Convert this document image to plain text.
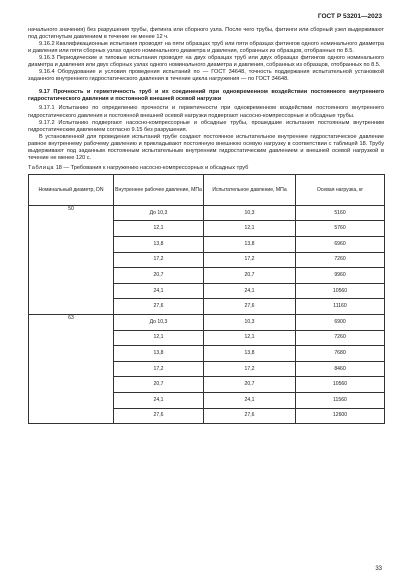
ГОСТ Р 53201—2023

начального значения) без разрушения трубы, фитинга или сборного узла. После чего трубы, фитинги или сборный узел выдерживают под достигнутым давлением в течение не менее 12 ч.

9.16.2 Квалификационные испытания проводят на пяти образцах труб или пяти образцах фитингов одного номинального диаметра и давления или пяти сборных узлах одного номинального диаметра и давления, собранных из образцов, отобранных по 8.5.

9.16.3 Периодические и типовые испытания проводят на двух образцах труб или двух образцах фитингов одного номинального диаметра и давления или двух сборных узлах одного номинального диаметра и давления, собранных из образцов, отобранных по 8.5.

9.16.4 Оборудование и условия проведения испытаний по — ГОСТ 34648, точность поддержания испытательной установкой заданного внутреннего гидростатического давления в течение цикла нагружения — по ГОСТ 34648.

9.17 Прочность и герметичность труб и их соединений при одновременном воздействии постоянного внутреннего гидростатического давления и постоянной внешней осевой нагрузки

9.17.1 Испытанию по определению прочности и герметичности при одновременном воздействии постоянного внутреннего гидростатического давления и постоянной внешней осевой нагрузки подвергают насосно-компрессорные и обсадные трубы.

9.17.2 Испытанию подвергают насосно-компрессорные и обсадные трубы, прошедшие испытания постоянным внутренним гидростатическим давлением согласно 9.15 без разрушения.

В установленной для проведения испытаний трубе создают постоянное испытательное внутреннее гидростатическое давление равное внутреннему рабочему давлению и прикладывают постоянную внешнюю осевую нагрузку в соответствии с таблицей 18. Трубу выдерживают под заданным постоянным испытательным внутренним гидростатическим давлением и внешней осевой нагрузкой в течение не менее 120 с.

Таблица 18 — Требования к нагружению насосно-компрессорных и обсадных труб

Номинальный диаметр, DN	Внутреннее рабочее давление, МПа	Испытательное давление, МПа	Осевая нагрузка, кг
50	До 10,3	10,3	5160
	12,1	12,1	5760
	13,8	13,8	6960
	17,2	17,2	7260
	20,7	20,7	9960
	24,1	24,1	10560
	27,6	27,6	11160
63	До 10,3	10,3	6900
	12,1	12,1	7260
	13,8	13,8	7680
	17,2	17,2	8460
	20,7	20,7	10560
	24,1	24,1	11560
	27,6	27,6	12600
33
